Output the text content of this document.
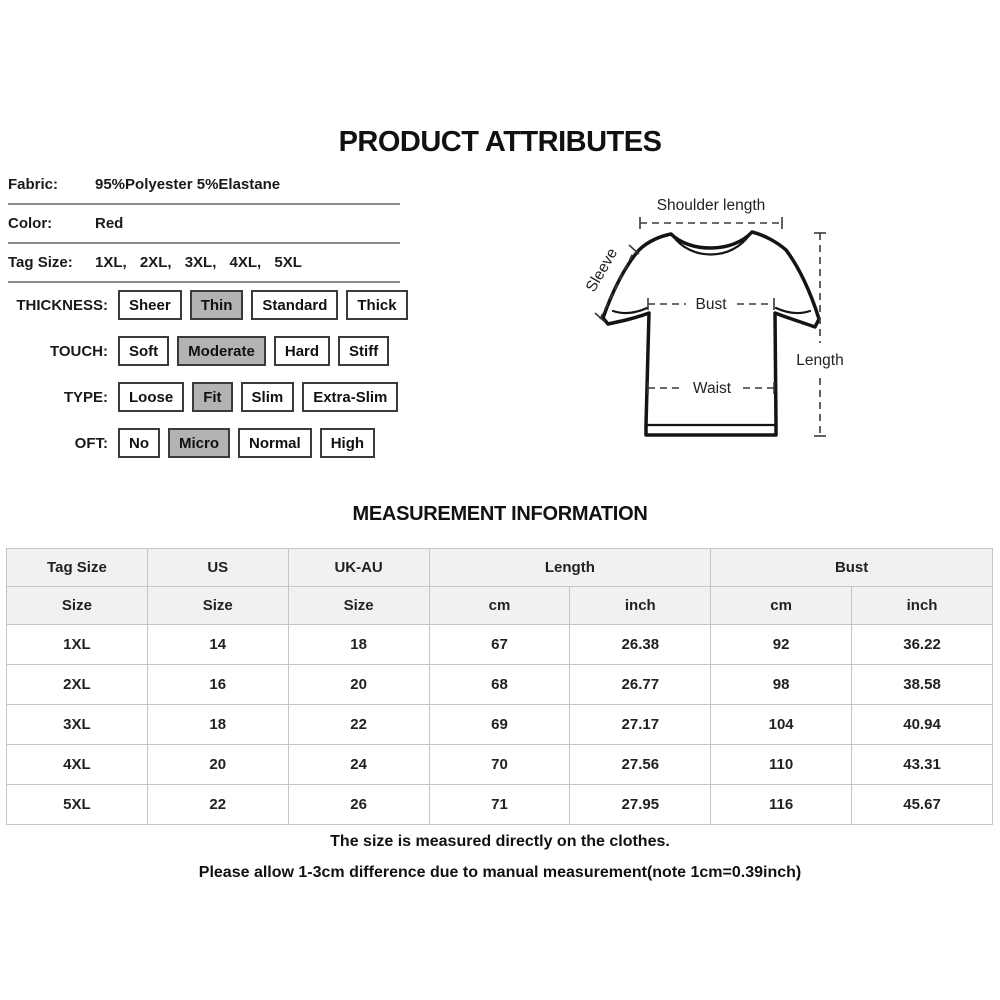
PRODUCT ATTRIBUTES
Fabric:	95%Polyester 5%Elastane
Color:	Red
Tag Size:	1XL, 2XL, 3XL, 4XL, 5XL
THICKNESS:	Sheer	Thin	Standard	Thick
TOUCH:	Soft	Moderate	Hard	Stiff
TYPE:	Loose	Fit	Slim	Extra-Slim
OFT:	No	Micro	Normal	High
Shoulder length
Sleeve
Bust
Waist
Length
MEASUREMENT INFORMATION
Tag Size	US	UK-AU	Length		Bust	
Size	Size	Size	cm	inch	cm	inch
1XL	14	18	67	26.38	92	36.22
2XL	16	20	68	26.77	98	38.58
3XL	18	22	69	27.17	104	40.94
4XL	20	24	70	27.56	110	43.31
5XL	22	26	71	27.95	116	45.67

The size is measured directly on the clothes.

Please allow 1-3cm difference due to manual measurement(note 1cm=0.39inch)
